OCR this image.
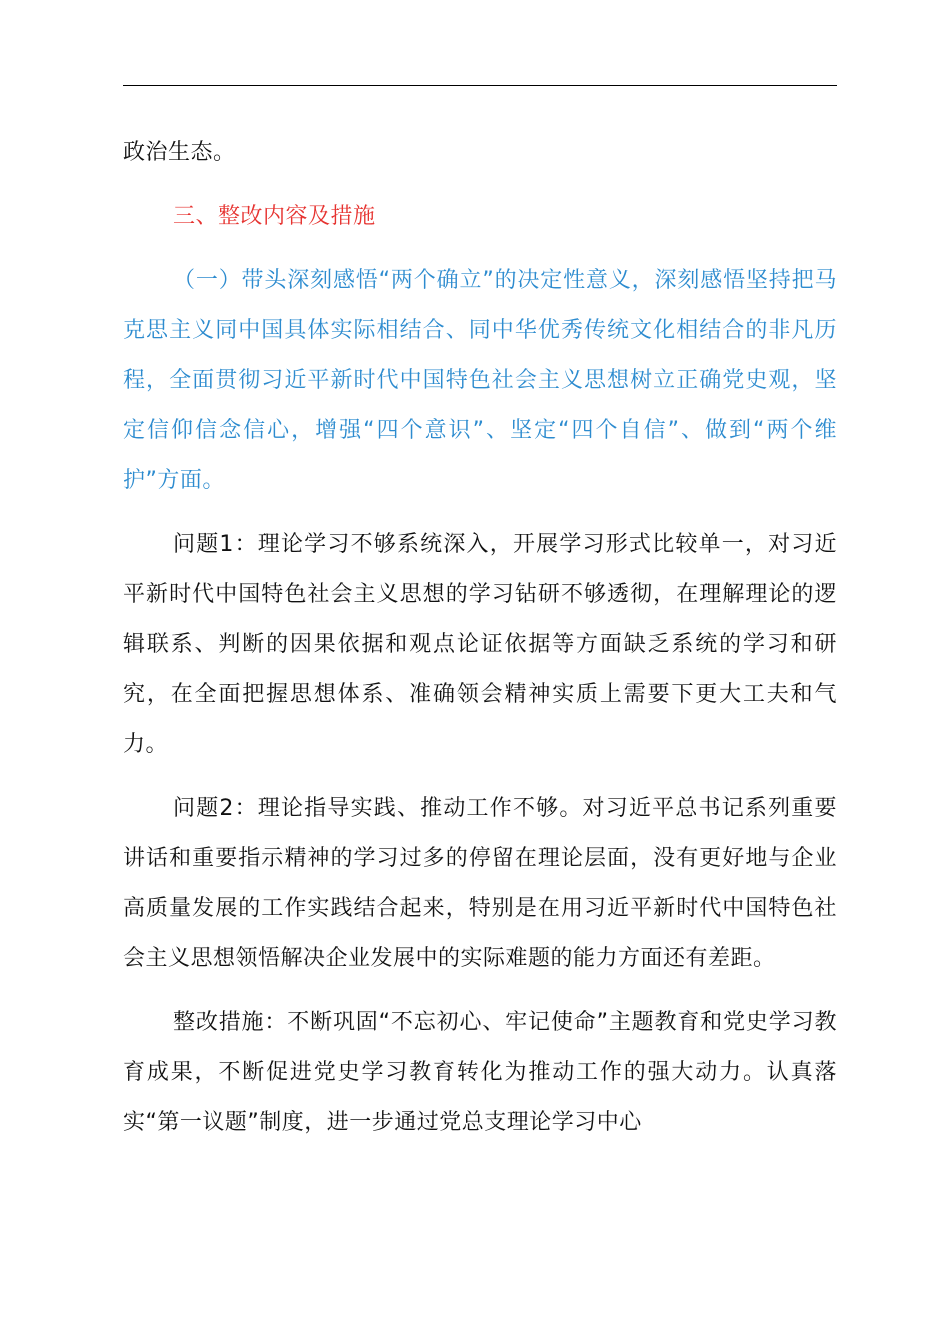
政治生态。

三、整改内容及措施

（一）带头深刻感悟“两个确立”的决定性意义，深刻感悟坚持把马克思主义同中国具体实际相结合、同中华优秀传统文化相结合的非凡历程，全面贯彻习近平新时代中国特色社会主义思想树立正确党史观，坚定信仰信念信心，增强“四个意识”、坚定“四个自信”、做到“两个维护”方面。

问题1：理论学习不够系统深入，开展学习形式比较单一，对习近平新时代中国特色社会主义思想的学习钻研不够透彻，在理解理论的逻辑联系、判断的因果依据和观点论证依据等方面缺乏系统的学习和研究，在全面把握思想体系、准确领会精神实质上需要下更大工夫和气力。

问题2：理论指导实践、推动工作不够。对习近平总书记系列重要讲话和重要指示精神的学习过多的停留在理论层面，没有更好地与企业高质量发展的工作实践结合起来，特别是在用习近平新时代中国特色社会主义思想领悟解决企业发展中的实际难题的能力方面还有差距。

整改措施：不断巩固“不忘初心、牢记使命”主题教育和党史学习教育成果，不断促进党史学习教育转化为推动工作的强大动力。认真落实“第一议题”制度，进一步通过党总支理论学习中心
